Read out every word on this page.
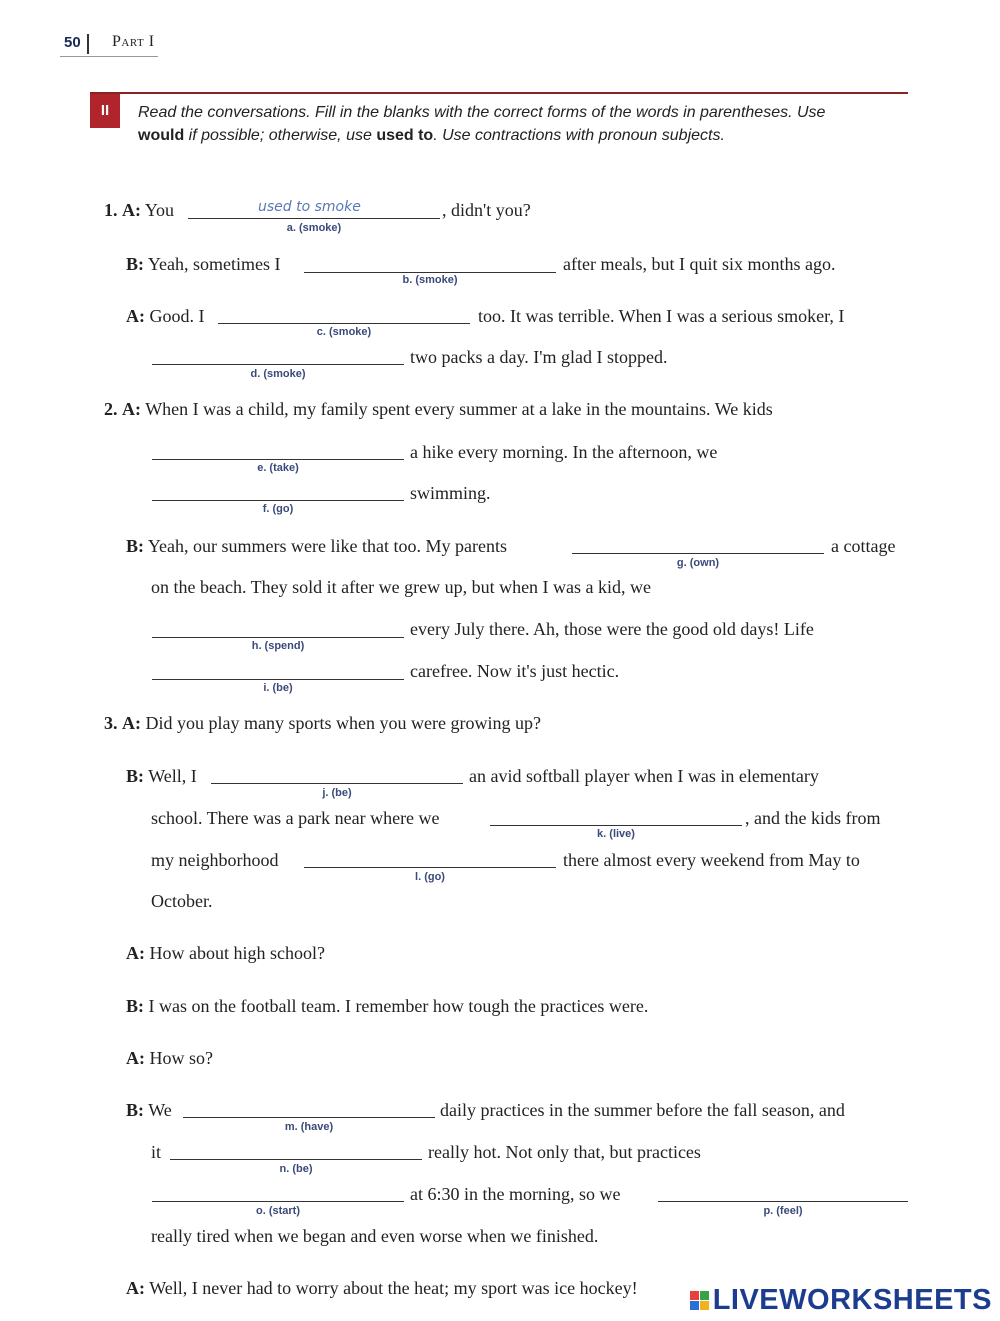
50 Part I
II	Read the conversations. Fill in the blanks with the correct forms of the words in parentheses. Use would if possible; otherwise, use used to. Use contractions with pronoun subjects.
1. A: You	used to smoke
a. (smoke)
, didn't you?
B: Yeah, sometimes I
b. (smoke)
after meals, but I quit six months ago.
A: Good. I
c. (smoke)
too. It was terrible. When I was a serious smoker, I
d. (smoke)
two packs a day. I'm glad I stopped.
2. A: When I was a child, my family spent every summer at a lake in the mountains. We kids
e. (take)
a hike every morning. In the afternoon, we
f. (go)
swimming.
B: Yeah, our summers were like that too. My parents
g. (own)
a cottage
on the beach. They sold it after we grew up, but when I was a kid, we
h. (spend)
every July there. Ah, those were the good old days! Life
i. (be)
carefree. Now it's just hectic.
3. A: Did you play many sports when you were growing up?
B: Well, I
j. (be)
an avid softball player when I was in elementary
school. There was a park near where we
k. (live)
, and the kids from
my neighborhood
l. (go)
there almost every weekend from May to
October.
A: How about high school?
B: I was on the football team. I remember how tough the practices were.
A: How so?
B: We
m. (have)
daily practices in the summer before the fall season, and
it
n. (be)
really hot. Not only that, but practices
o. (start)
at 6:30 in the morning, so we
p. (feel)
really tired when we began and even worse when we finished.
A: Well, I never had to worry about the heat; my sport was ice hockey!	LIVEWORKSHEETS
